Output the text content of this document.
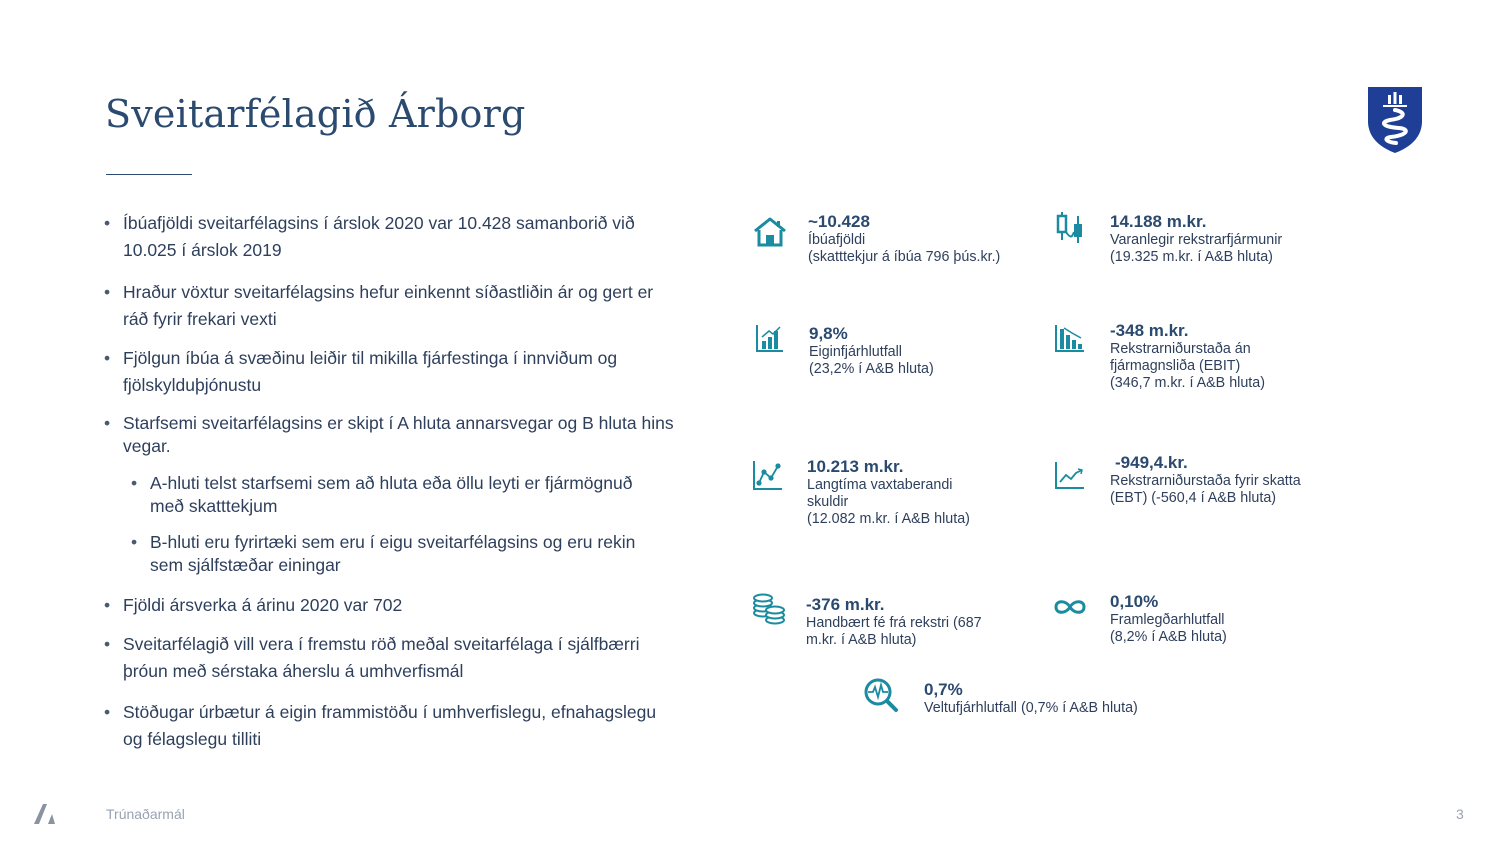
Sveitarfélagið Árborg
• Íbúafjöldi sveitarfélagsins í árslok 2020 var 10.428 samanborið við 10.025 í árslok 2019
• Hraður vöxtur sveitarfélagsins hefur einkennt síðastliðin ár og gert er ráð fyrir frekari vexti
• Fjölgun íbúa á svæðinu leiðir til mikilla fjárfestinga í innviðum og fjölskylduþjónustu
• Starfsemi sveitarfélagsins er skipt í A hluta annarsvegar og B hluta hins vegar.
• A-hluti telst starfsemi sem að hluta eða öllu leyti er fjármögnuð með skatttekjum
• B-hluti eru fyrirtæki sem eru í eigu sveitarfélagsins og eru rekin sem sjálfstæðar einingar
• Fjöldi ársverka á árinu 2020 var 702
• Sveitarfélagið vill vera í fremstu röð meðal sveitarfélaga í sjálfbærri þróun með sérstaka áherslu á umhverfismál
• Stöðugar úrbætur á eigin frammistöðu í umhverfislegu, efnahagslegu og félagslegu tilliti
~10.428
Íbúafjöldi
(skatttekjur á íbúa 796 þús.kr.)
14.188 m.kr.
Varanlegir rekstrarfjármunir
(19.325 m.kr. í A&B hluta)
9,8%
Eiginfjárhlutfall
(23,2% í A&B hluta)
-348 m.kr.
Rekstrarniðurstaða án
fjármagnsliða (EBIT)
(346,7 m.kr. í A&B hluta)
10.213 m.kr.
Langtíma vaxtaberandi
skuldir
(12.082 m.kr. í A&B hluta)
-949,4.kr.
Rekstrarniðurstaða fyrir skatta
(EBT) (-560,4 í A&B hluta)
-376 m.kr.
Handbært fé frá rekstri (687
m.kr. í A&B hluta)
0,10%
Framlegðarhlutfall
(8,2% í A&B hluta)
0,7%
Veltufjárhlutfall (0,7% í A&B hluta)
Trúnaðarmál	3
